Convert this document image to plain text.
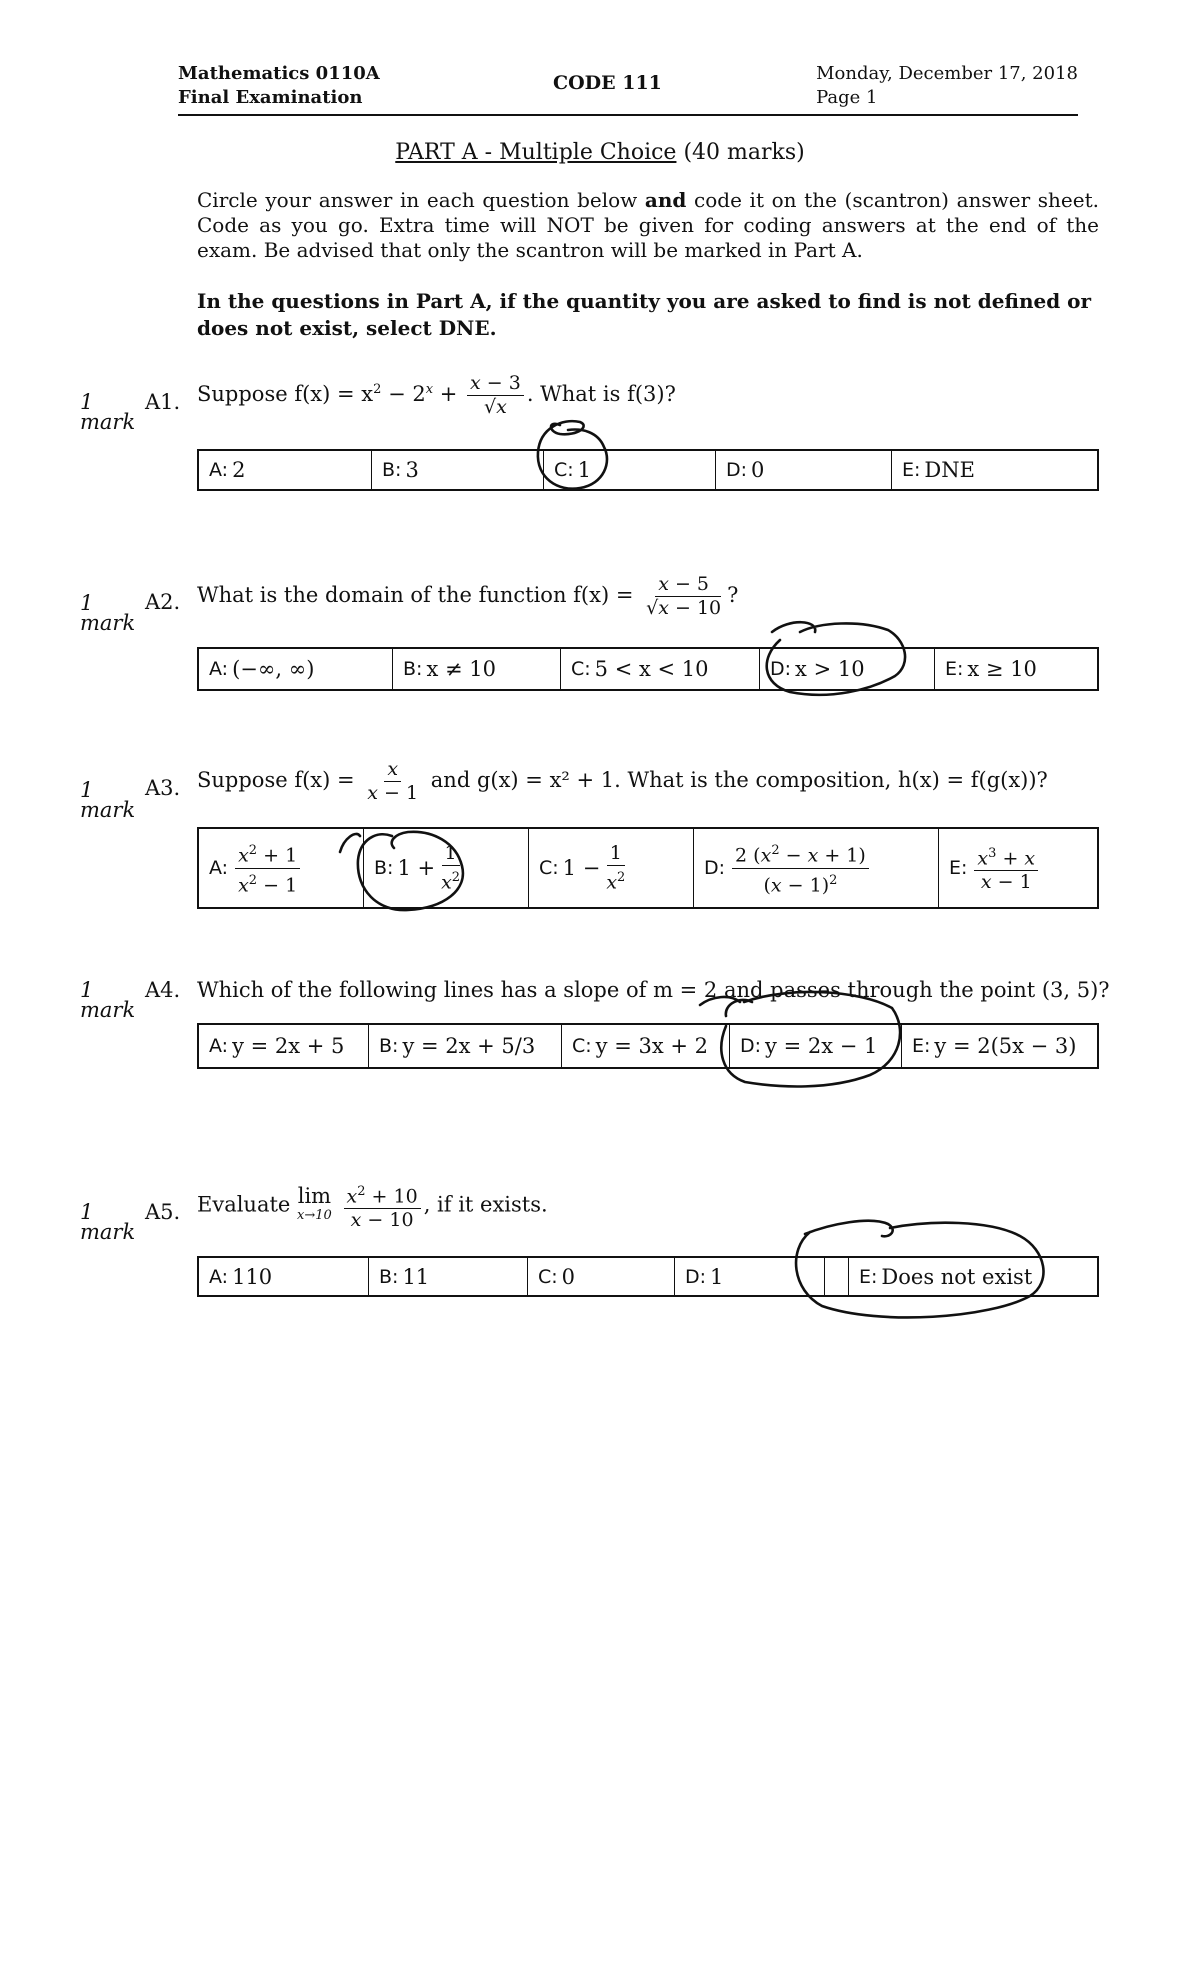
Mathematics 0110A
Final Examination
CODE 111	Monday, December 17, 2018
Page 1
PART A - Multiple Choice (40 marks)
Circle your answer in each question below and code it on the (scantron) answer sheet. Code as you go. Extra time will NOT be given for coding answers at the end of the exam. Be advised that only the scantron will be marked in Part A.
In the questions in Part A, if the quantity you are asked to find is not defined or does not exist, select DNE.
1
mark
A1. Suppose $f(x) = x^2 - 2^x + \frac{x - 3}{√x}$ . What is f(3)?
A: 2	B: 3	C: 1	D: 0	E: DNE
1
mark
A2. What is the domain of the function $f(x) = \frac{x - 5}{√x - 10}$ ?
A: (−∞, ∞)	B: x ≠ 10	C: 5 < x < 10	D: x > 10	E: x ≥ 10
1
mark
A3. Suppose $f(x) = \frac{x}{x - 1}$ and g(x) = x² + 1. What is the composition, h(x) = f(g(x))?
A: $\frac{x^2 + 1}{x^2 - 1}$	B: $1 + \frac{1}{x^2}$	C: $1 - \frac{1}{x^2}$	D: $\frac{2 (x^2 - x + 1)}{(x - 1)^2}$	E: $\frac{x^3 + x}{x - 1}$
1
mark
A4. Which of the following lines has a slope of m = 2 and passes through the point (3, 5)?
A: y = 2x + 5 B: y = 2x + 5/3 C: y = 3x + 2 D: y = 2x − 1 E: y = 2(5x − 3)
1
mark
A5. Evaluate lim
x→10
$\frac{x^2 + 10}{x - 10}$ , if it exists.
A: 110	B: 11	C: 0	D: 1	E: Does not exist
